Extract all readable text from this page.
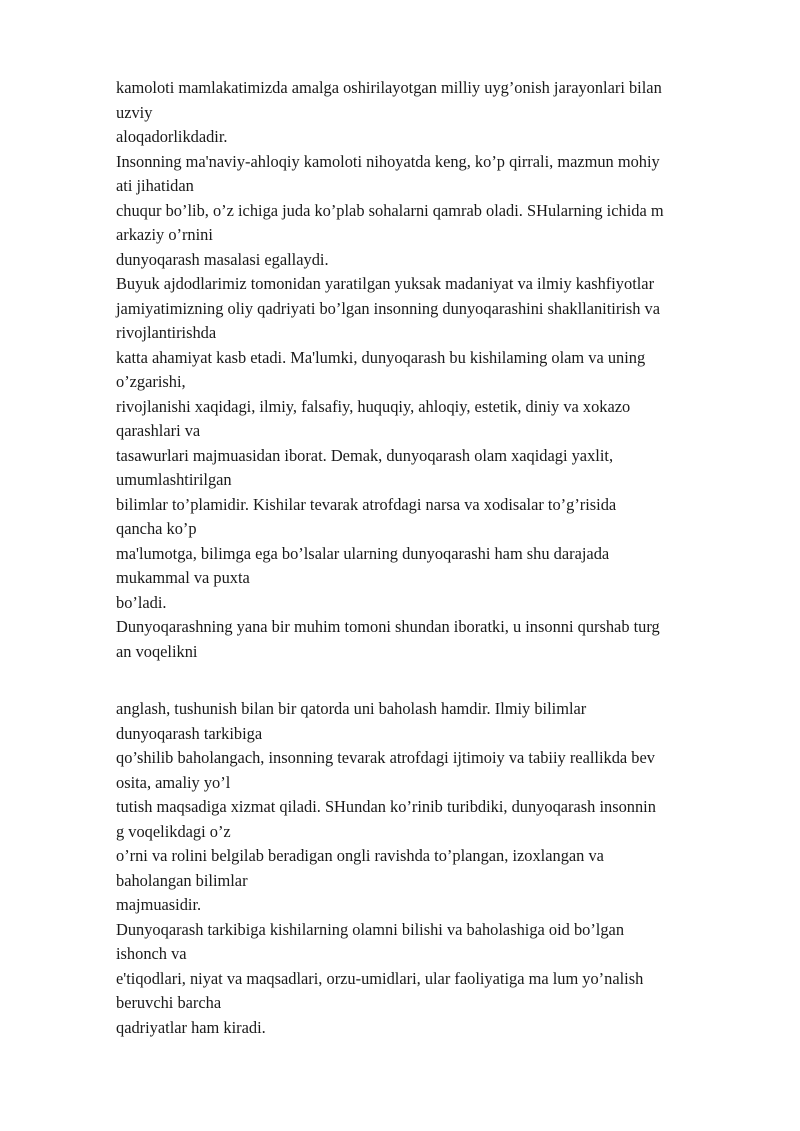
kamoloti mamlakatimizda amalga oshirilayotgan milliy uyg’onish jarayonlari bilan
uzviy
aloqadorlikdadir.
Insonning ma'naviy-ahloqiy kamoloti nihoyatda keng, ko’p qirrali, mazmun mohiy
ati jihatidan
chuqur bo’lib, o’z ichiga juda ko’plab sohalarni qamrab oladi. SHularning ichida m
arkaziy o’rnini
dunyoqarash masalasi egallaydi.
Buyuk ajdodlarimiz tomonidan yaratilgan yuksak madaniyat va ilmiy kashfiyotlar
jamiyatimizning oliy qadriyati bo’lgan insonning dunyoqarashini shakllanitirish va
rivojlantirishda
katta ahamiyat kasb etadi. Ma'lumki, dunyoqarash bu kishilaming olam va uning
o’zgarishi,
rivojlanishi xaqidagi, ilmiy, falsafiy, huquqiy, ahloqiy, estetik, diniy va xokazo
qarashlari va
tasawurlari majmuasidan iborat. Demak, dunyoqarash olam xaqidagi yaxlit,
umumlashtirilgan
bilimlar to’plamidir. Kishilar tevarak atrofdagi narsa va xodisalar to’g’risida
qancha ko’p
ma'lumotga, bilimga ega bo’lsalar ularning dunyoqarashi ham shu darajada
mukammal va puxta
bo’ladi.
Dunyoqarashning yana bir muhim tomoni shundan iboratki, u insonni qurshab turg
an voqelikni
anglash, tushunish bilan bir qatorda uni baholash hamdir. Ilmiy bilimlar
dunyoqarash tarkibiga
qo’shilib baholangach, insonning tevarak atrofdagi ijtimoiy va tabiiy reallikda bev
osita, amaliy yo’l
tutish maqsadiga xizmat qiladi. SHundan ko’rinib turibdiki, dunyoqarash insonnin
g voqelikdagi o’z
o’rni va rolini belgilab beradigan ongli ravishda to’plangan, izoxlangan va
baholangan bilimlar
majmuasidir.
Dunyoqarash tarkibiga kishilarning olamni bilishi va baholashiga oid bo’lgan
ishonch va
e'tiqodlari, niyat va maqsadlari, orzu-umidlari, ular faoliyatiga ma lum yo’nalish
beruvchi barcha
qadriyatlar ham kiradi.
